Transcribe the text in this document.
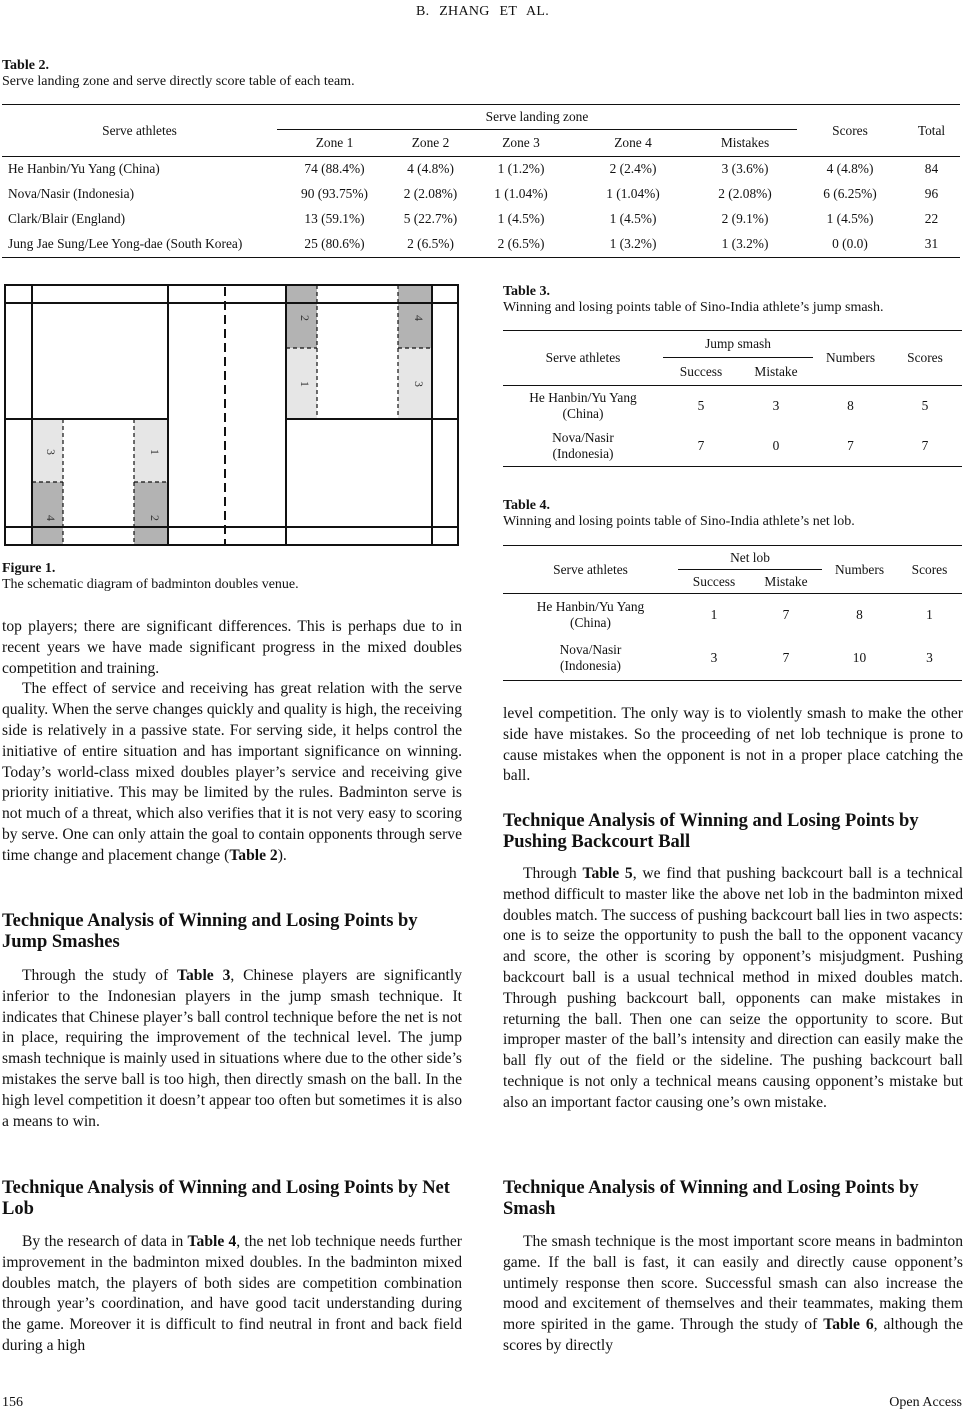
B. ZHANG ET AL.
Table 2.
Serve landing zone and serve directly score table of each team.
Serve athletes	Serve landing zone					Scores	Total
	Zone 1	Zone 2	Zone 3	Zone 4	Mistakes		
He Hanbin/Yu Yang (China)	74 (88.4%)	4 (4.8%)	1 (1.2%)	2 (2.4%)	3 (3.6%)	4 (4.8%)	84
Nova/Nasir (Indonesia)	90 (93.75%)	2 (2.08%)	1 (1.04%)	1 (1.04%)	2 (2.08%)	6 (6.25%)	96
Clark/Blair (England)	13 (59.1%)	5 (22.7%)	1 (4.5%)	1 (4.5%)	2 (9.1%)	1 (4.5%)	22
Jung Jae Sung/Lee Yong-dae (South Korea)	25 (80.6%)	2 (6.5%)	2 (6.5%)	1 (3.2%)	1 (3.2%)	0 (0.0)	31
3	1
4	2
2	4
1	3
Figure 1.
The schematic diagram of badminton doubles venue.
Table 3.
Winning and losing points table of Sino-India athlete’s jump smash.
Serve athletes	Jump smash		Numbers	Scores
	Success	Mistake		
He Hanbin/Yu Yang
(China)	5	3	8	5
Nova/Nasir
(Indonesia)	7	0	7	7
Table 4.
Winning and losing points table of Sino-India athlete’s net lob.
Serve athletes	Net lob		Numbers	Scores
	Success	Mistake		
He Hanbin/Yu Yang
(China)	1	7	8	1
Nova/Nasir
(Indonesia)	3	7	10	3

top players; there are significant differences. This is perhaps due to in recent years we have made significant progress in the mixed doubles competition and training.

The effect of service and receiving has great relation with the serve quality. When the serve changes quickly and quality is high, the receiving side is relatively in a passive state. For serving side, it helps control the initiative of entire situation and has important significance on winning. Today’s world-class mixed doubles player’s service and receiving give priority initiative. This may be limited by the rules. Badminton serve is not much of a threat, which also verifies that it is not very easy to scoring by serve. One can only attain the goal to contain opponents through serve time change and placement change (Table 2).

Technique Analysis of Winning and Losing Points by Jump Smashes

Through the study of Table 3, Chinese players are significantly inferior to the Indonesian players in the jump smash technique. It indicates that Chinese player’s ball control technique before the net is not in place, requiring the improvement of the technical level. The jump smash technique is mainly used in situations where due to the other side’s mistakes the serve ball is too high, then directly smash on the ball. In the high level competition it doesn’t appear too often but sometimes it is also a means to win.

Technique Analysis of Winning and Losing Points by Net Lob

By the research of data in Table 4, the net lob technique needs further improvement in the badminton mixed doubles. In the badminton mixed doubles match, the players of both sides are competition combination through year’s coordination, and have good tacit understanding during the game. Moreover it is difficult to find neutral in front and back field during a high

level competition. The only way is to violently smash to make the other side have mistakes. So the proceeding of net lob technique is prone to cause mistakes when the opponent is not in a proper place catching the ball.

Technique Analysis of Winning and Losing Points by Pushing Backcourt Ball

Through Table 5, we find that pushing backcourt ball is a technical method difficult to master like the above net lob in the badminton mixed doubles match. The success of pushing backcourt ball lies in two aspects: one is to seize the opportunity to push the ball to the opponent vacancy and score, the other is scoring by opponent’s misjudgment. Pushing backcourt ball is a usual technical method in mixed doubles match. Through pushing backcourt ball, opponents can make mistakes in returning the ball. Then one can seize the opportunity to score. But improper master of the ball’s intensity and direction can easily make the ball fly out of the field or the sideline. The pushing backcourt ball technique is not only a technical means causing opponent’s mistake but also an important factor causing one’s own mistake.

Technique Analysis of Winning and Losing Points by Smash

The smash technique is the most important score means in badminton game. If the ball is fast, it can easily and directly cause opponent’s untimely response then score. Successful smash can also increase the mood and excitement of themselves and their teammates, making them more spirited in the game. Through the study of Table 6, although the scores by directly

156	Open Access
